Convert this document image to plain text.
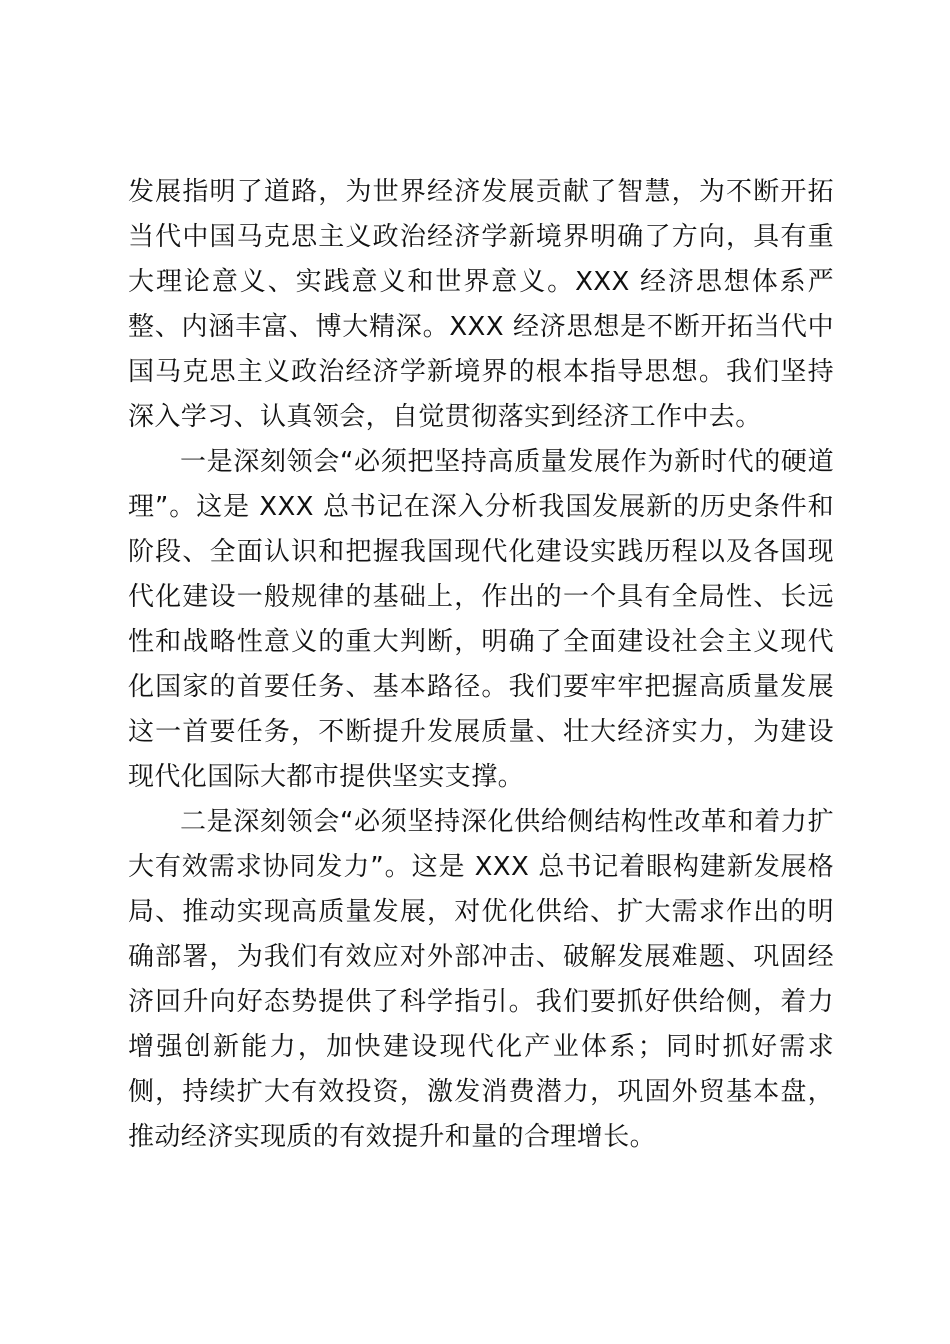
发展指明了道路，为世界经济发展贡献了智慧，为不断开拓当代中国马克思主义政治经济学新境界明确了方向，具有重大理论意义、实践意义和世界意义。XXX 经济思想体系严整、内涵丰富、博大精深。XXX 经济思想是不断开拓当代中国马克思主义政治经济学新境界的根本指导思想。我们坚持深入学习、认真领会，自觉贯彻落实到经济工作中去。

一是深刻领会“必须把坚持高质量发展作为新时代的硬道理”。这是 XXX 总书记在深入分析我国发展新的历史条件和阶段、全面认识和把握我国现代化建设实践历程以及各国现代化建设一般规律的基础上，作出的一个具有全局性、长远性和战略性意义的重大判断，明确了全面建设社会主义现代化国家的首要任务、基本路径。我们要牢牢把握高质量发展这一首要任务，不断提升发展质量、壮大经济实力，为建设现代化国际大都市提供坚实支撑。

二是深刻领会“必须坚持深化供给侧结构性改革和着力扩大有效需求协同发力”。这是 XXX 总书记着眼构建新发展格局、推动实现高质量发展，对优化供给、扩大需求作出的明确部署，为我们有效应对外部冲击、破解发展难题、巩固经济回升向好态势提供了科学指引。我们要抓好供给侧，着力增强创新能力，加快建设现代化产业体系；同时抓好需求侧，持续扩大有效投资，激发消费潜力，巩固外贸基本盘，推动经济实现质的有效提升和量的合理增长。
